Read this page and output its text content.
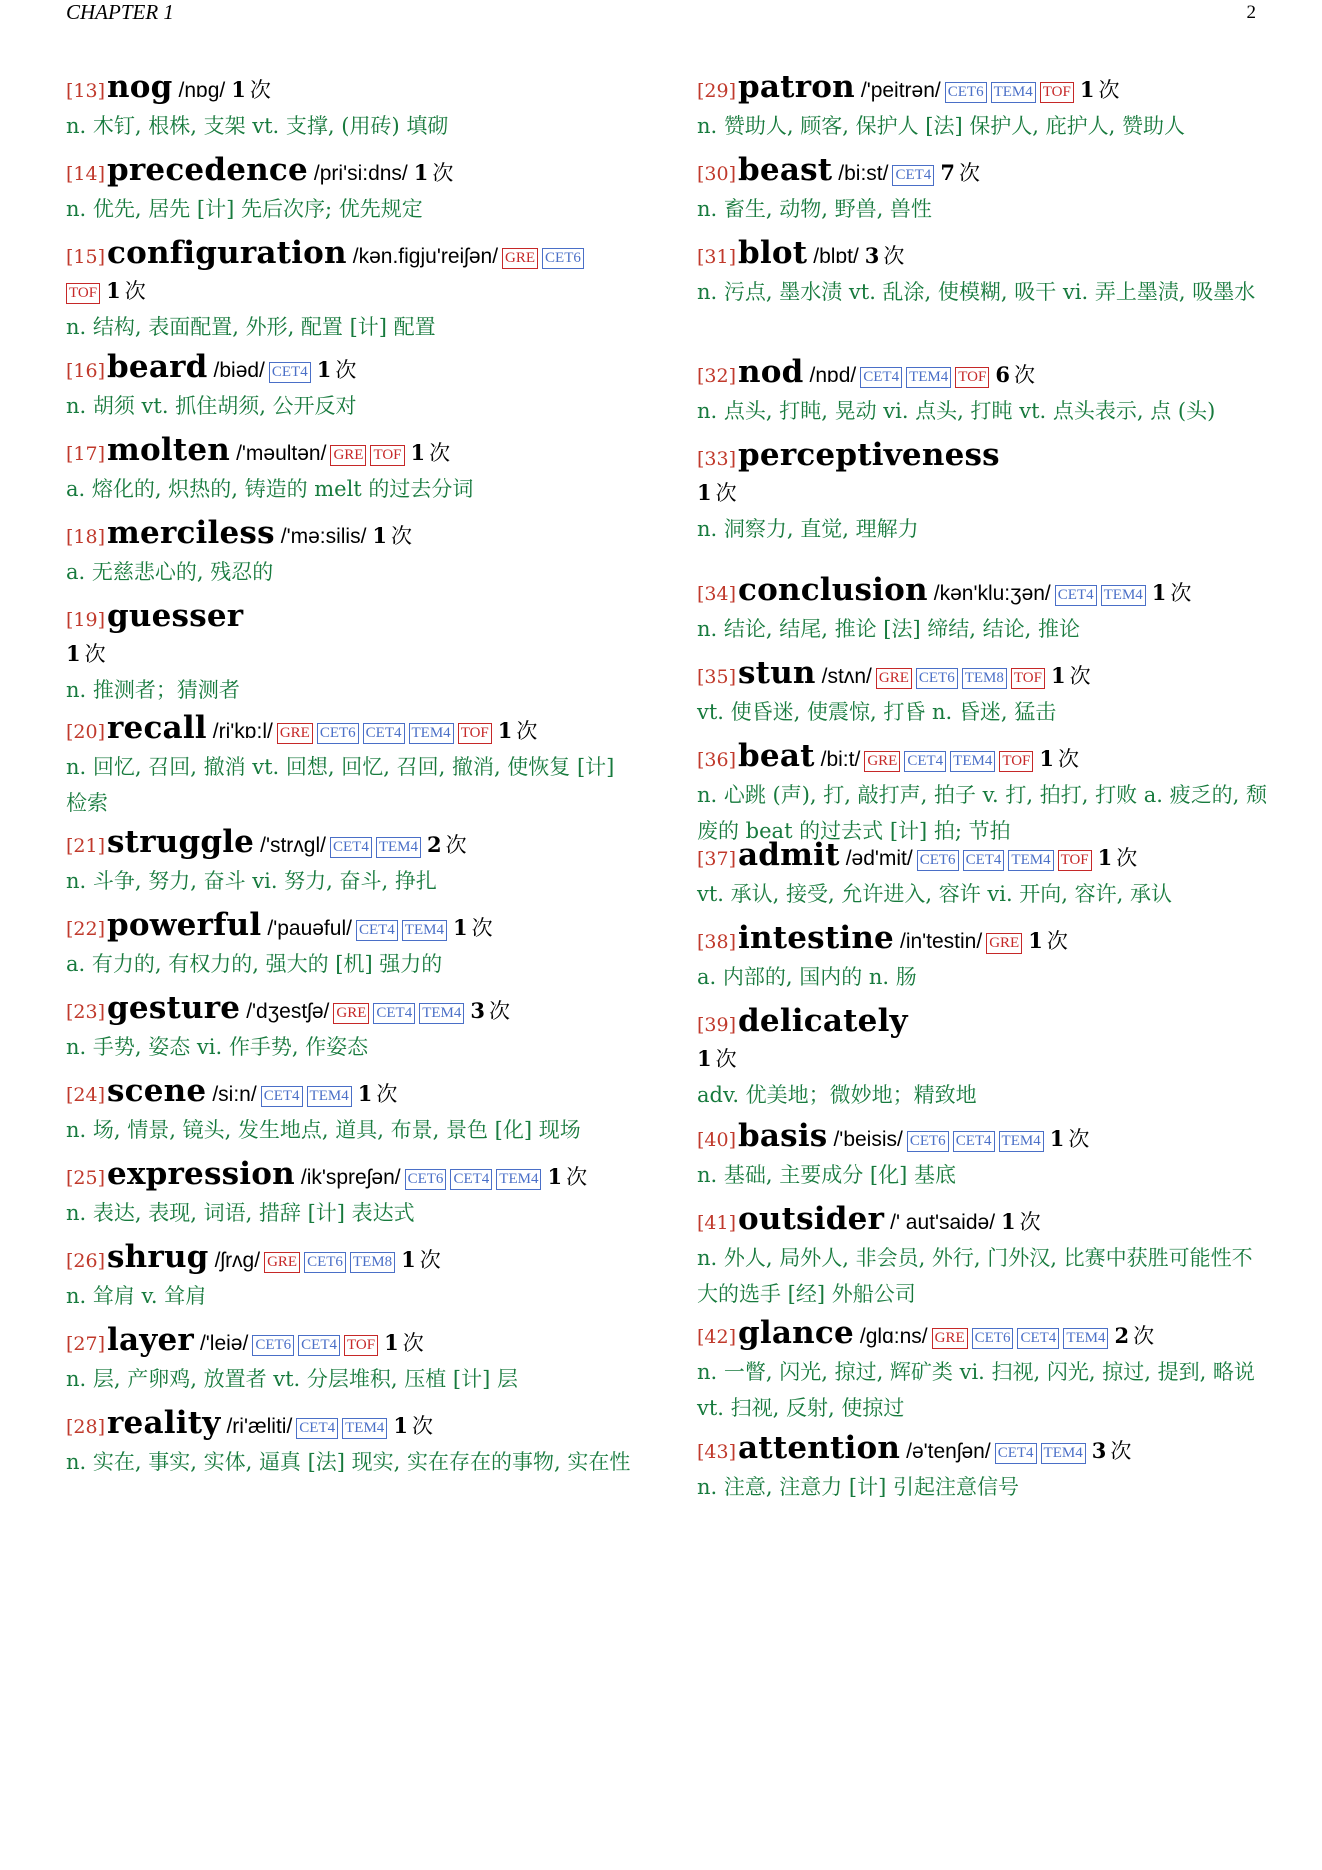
CHAPTER 1	2
[13]nog /nɒg/ 1 次
n. 木钉, 根株, 支架 vt. 支撑, (用砖) 填砌
[14]precedence /pri'si:dns/ 1 次
n. 优先, 居先 [计] 先后次序; 优先规定
[15]configuration /kən.figju'reiʃən/ GRE CET6
TOF 1 次
n. 结构, 表面配置, 外形, 配置 [计] 配置
[16]beard /biəd/ CET4 1 次
n. 胡须 vt. 抓住胡须, 公开反对
[17]molten /'məultən/ GRE TOF 1 次
a. 熔化的, 炽热的, 铸造的 melt 的过去分词
[18]merciless /'mə:silis/ 1 次
a. 无慈悲心的, 残忍的
[19]guesser
1 次
n. 推测者；猜测者
[20]recall /ri'kɒ:l/ GRE CET6 CET4 TEM4 TOF 1 次
n. 回忆, 召回, 撤消 vt. 回想, 回忆, 召回, 撤消, 使恢复 [计] 检索
[21]struggle /'strʌgl/ CET4 TEM4 2 次
n. 斗争, 努力, 奋斗 vi. 努力, 奋斗, 挣扎
[22]powerful /'pauəful/ CET4 TEM4 1 次
a. 有力的, 有权力的, 强大的 [机] 强力的
[23]gesture /'dʒestʃə/ GRE CET4 TEM4 3 次
n. 手势, 姿态 vi. 作手势, 作姿态
[24]scene /si:n/ CET4 TEM4 1 次
n. 场, 情景, 镜头, 发生地点, 道具, 布景, 景色 [化] 现场
[25]expression /ik'spreʃən/ CET6 CET4 TEM4 1 次
n. 表达, 表现, 词语, 措辞 [计] 表达式
[26]shrug /ʃrʌg/ GRE CET6 TEM8 1 次
n. 耸肩 v. 耸肩
[27]layer /'leiə/ CET6 CET4 TOF 1 次
n. 层, 产卵鸡, 放置者 vt. 分层堆积, 压植 [计] 层
[28]reality /ri'æliti/ CET4 TEM4 1 次
n. 实在, 事实, 实体, 逼真 [法] 现实, 实在存在的事物, 实在性
[29]patron /'peitrən/ CET6 TEM4 TOF 1 次
n. 赞助人, 顾客, 保护人 [法] 保护人, 庇护人, 赞助人
[30]beast /bi:st/ CET4 7 次
n. 畜生, 动物, 野兽, 兽性
[31]blot /blɒt/ 3 次
n. 污点, 墨水渍 vt. 乱涂, 使模糊, 吸干 vi. 弄上墨渍, 吸墨水
[32]nod /nɒd/ CET4 TEM4 TOF 6 次
n. 点头, 打盹, 晃动 vi. 点头, 打盹 vt. 点头表示, 点 (头)
[33]perceptiveness
1 次
n. 洞察力, 直觉, 理解力
[34]conclusion /kən'klu:ʒən/ CET4 TEM4 1 次
n. 结论, 结尾, 推论 [法] 缔结, 结论, 推论
[35]stun /stʌn/ GRE CET6 TEM8 TOF 1 次
vt. 使昏迷, 使震惊, 打昏 n. 昏迷, 猛击
[36]beat /bi:t/ GRE CET4 TEM4 TOF 1 次
n. 心跳 (声), 打, 敲打声, 拍子 v. 打, 拍打, 打败 a. 疲乏的, 颓废的 beat 的过去式 [计] 拍; 节拍
[37]admit /əd'mit/ CET6 CET4 TEM4 TOF 1 次
vt. 承认, 接受, 允许进入, 容许 vi. 开向, 容许, 承认
[38]intestine /in'testin/ GRE 1 次
a. 内部的, 国内的 n. 肠
[39]delicately
1 次
adv. 优美地；微妙地；精致地
[40]basis /'beisis/ CET6 CET4 TEM4 1 次
n. 基础, 主要成分 [化] 基底
[41]outsider /' aut'saidə/ 1 次
n. 外人, 局外人, 非会员, 外行, 门外汉, 比赛中获胜可能性不大的选手 [经] 外船公司
[42]glance /glɑ:ns/ GRE CET6 CET4 TEM4 2 次
n. 一瞥, 闪光, 掠过, 辉矿类 vi. 扫视, 闪光, 掠过, 提到, 略说 vt. 扫视, 反射, 使掠过
[43]attention /ə'tenʃən/ CET4 TEM4 3 次
n. 注意, 注意力 [计] 引起注意信号
